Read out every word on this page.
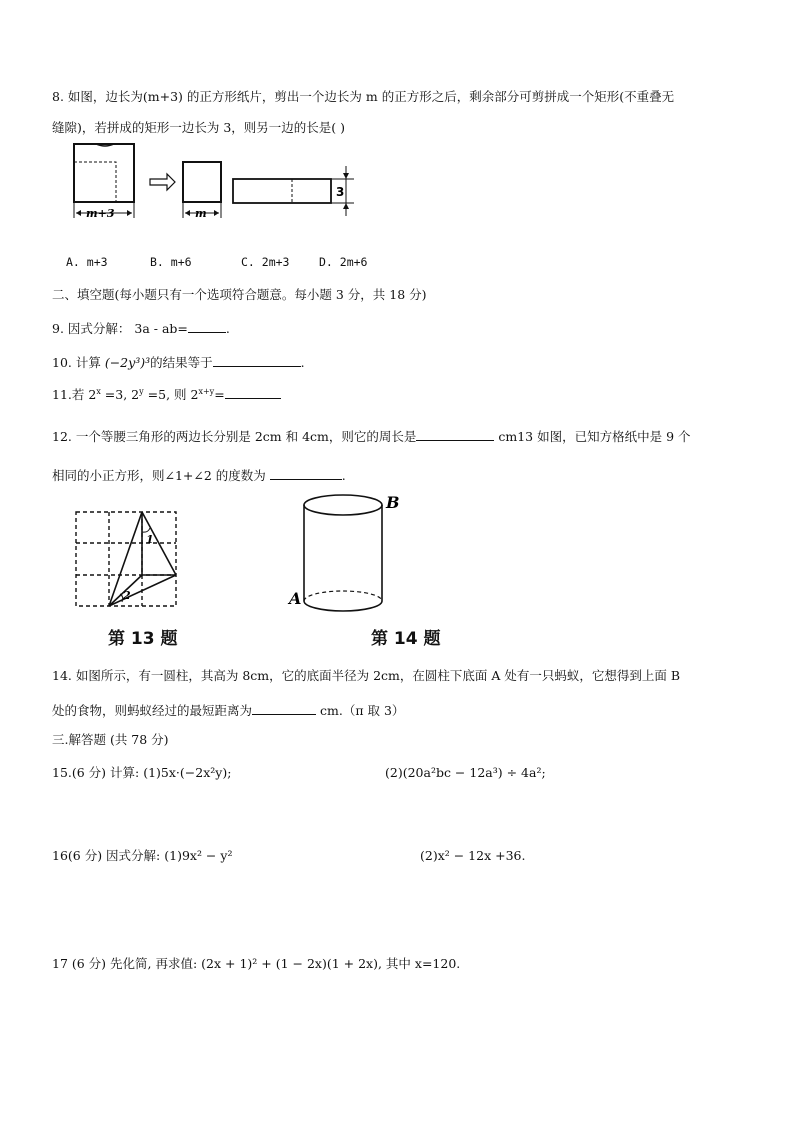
8. 如图，边长为(m+3) 的正方形纸片，剪出一个边长为 m 的正方形之后，剩余部分可剪拼成一个矩形(不重叠无
缝隙)，若拼成的矩形一边长为 3，则另一边的长是( )
m+3	m
3
A. m+3	B. m+6	C. 2m+3	D. 2m+6
二、填空题(每小题只有一个选项符合题意。每小题 3 分，共 18 分)
9. 因式分解： 3a - ab=	.
10. 计算 (−2y³)³的结果等于	.
11.若 $2^x =3$, $2^y =5$, 则 $2^{x+y}=$
12. 一个等腰三角形的两边长分别是 2cm 和 4cm，则它的周长是	cm13 如图，已知方格纸中是 9 个
相同的小正方形，则∠1+∠2 的度数为	.
1
2
第 13 题
B
A
第 14 题
14. 如图所示，有一圆柱，其高为 8cm，它的底面半径为 2cm，在圆柱下底面 A 处有一只蚂蚁，它想得到上面 B
处的食物，则蚂蚁经过的最短距离为	cm.（π 取 3）
三.解答题 (共 78 分)
15.(6 分) 计算: (1)5x·(−2x²y);	(2)(20a²bc − 12a³) ÷ 4a²;
16(6 分) 因式分解: (1)9x² − y²	(2)x² − 12x +36.
17 (6 分) 先化简, 再求值: (2x + 1)² + (1 − 2x)(1 + 2x), 其中 x=120.
